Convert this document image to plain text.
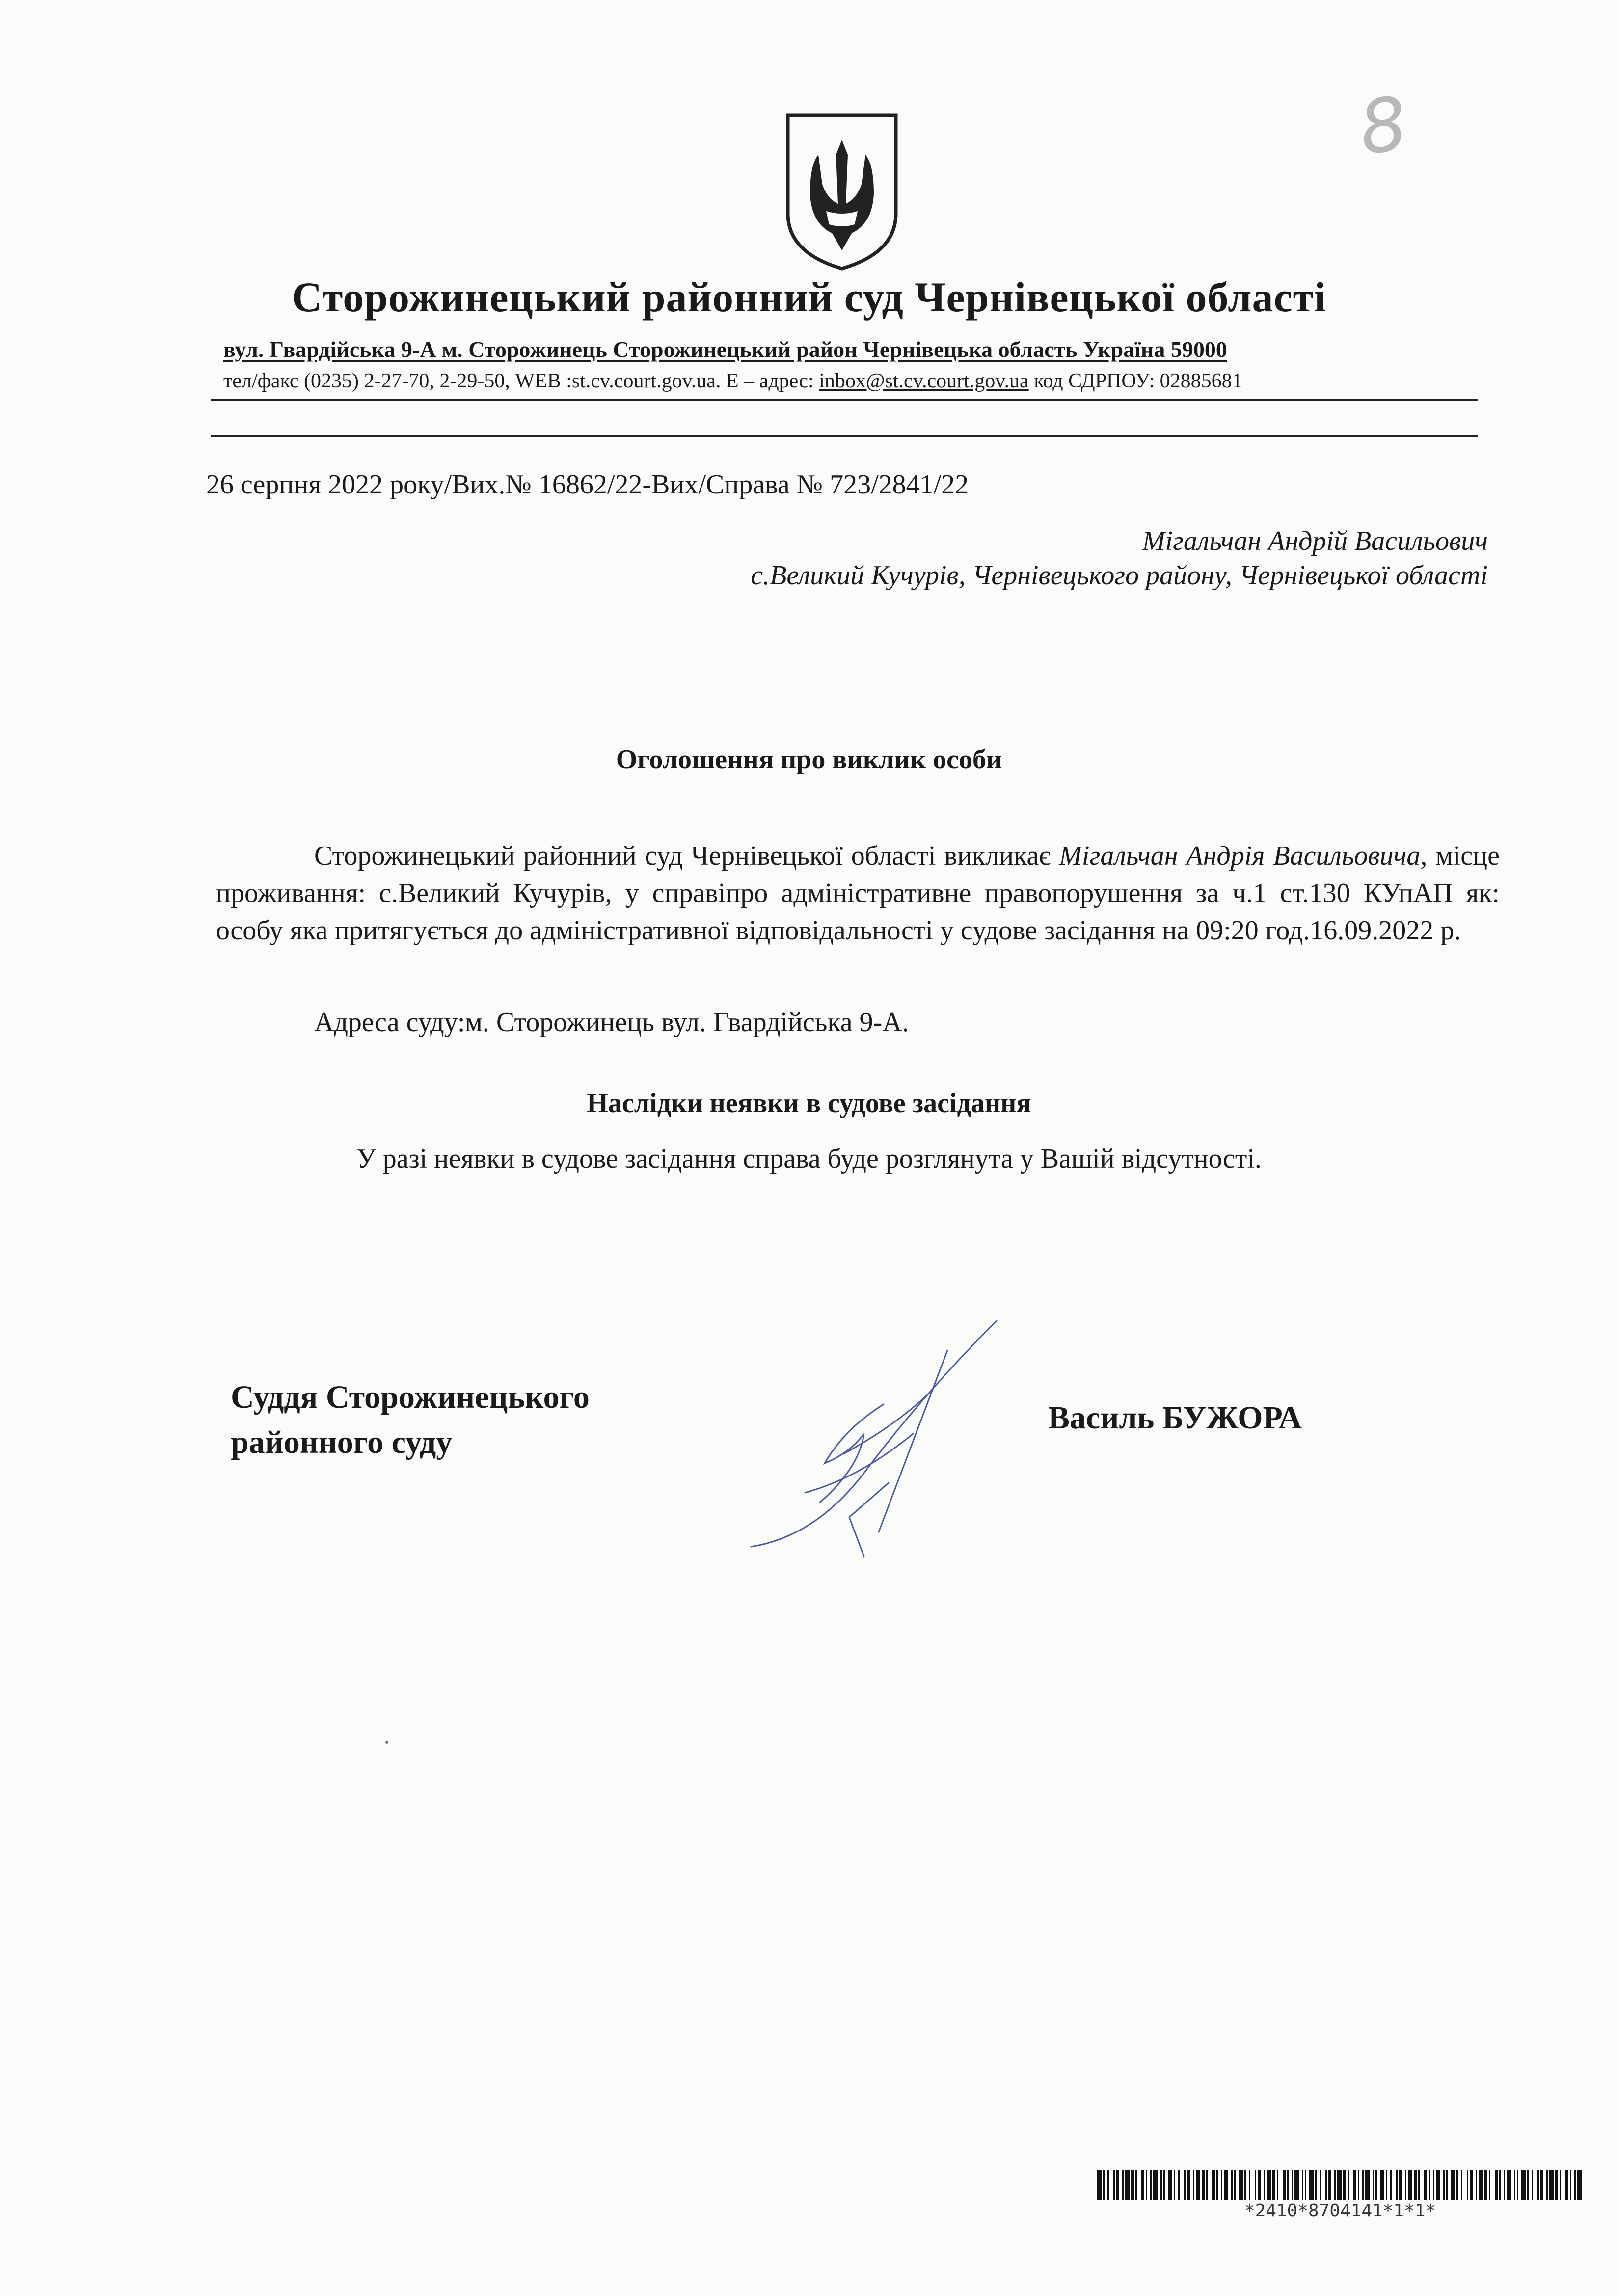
8
Сторожинецький районний суд Чернівецької області
вул. Гвардійська 9-А м. Сторожинець Сторожинецький район Чернівецька область Україна 59000
тел/факс (0235) 2-27-70, 2-29-50, WEB :st.cv.court.gov.ua. E – адрес: inbox@st.cv.court.gov.ua код СДРПОУ: 02885681
26 серпня 2022 року/Вих.№ 16862/22-Вих/Справа № 723/2841/22
Мігальчан Андрій Васильович
с.Великий Кучурів, Чернівецького району, Чернівецької області
Оголошення про виклик особи
Сторожинецький районний суд Чернівецької області викликає Мігальчан Андрія Васильовича, місце проживання: с.Великий Кучурів, у справіпро адміністративне правопорушення за ч.1 ст.130 КУпАП як: особу яка притягується до адміністративної відповідальності у судове засідання на 09:20 год.16.09.2022 р.
Адреса суду:м. Сторожинець вул. Гвардійська 9-А.
Наслідки неявки в судове засідання
У разі неявки в судове засідання справа буде розглянута у Вашій відсутності.
Суддя Сторожинецького
районного суду
Василь БУЖОРА
*2410*8704141*1*1*
